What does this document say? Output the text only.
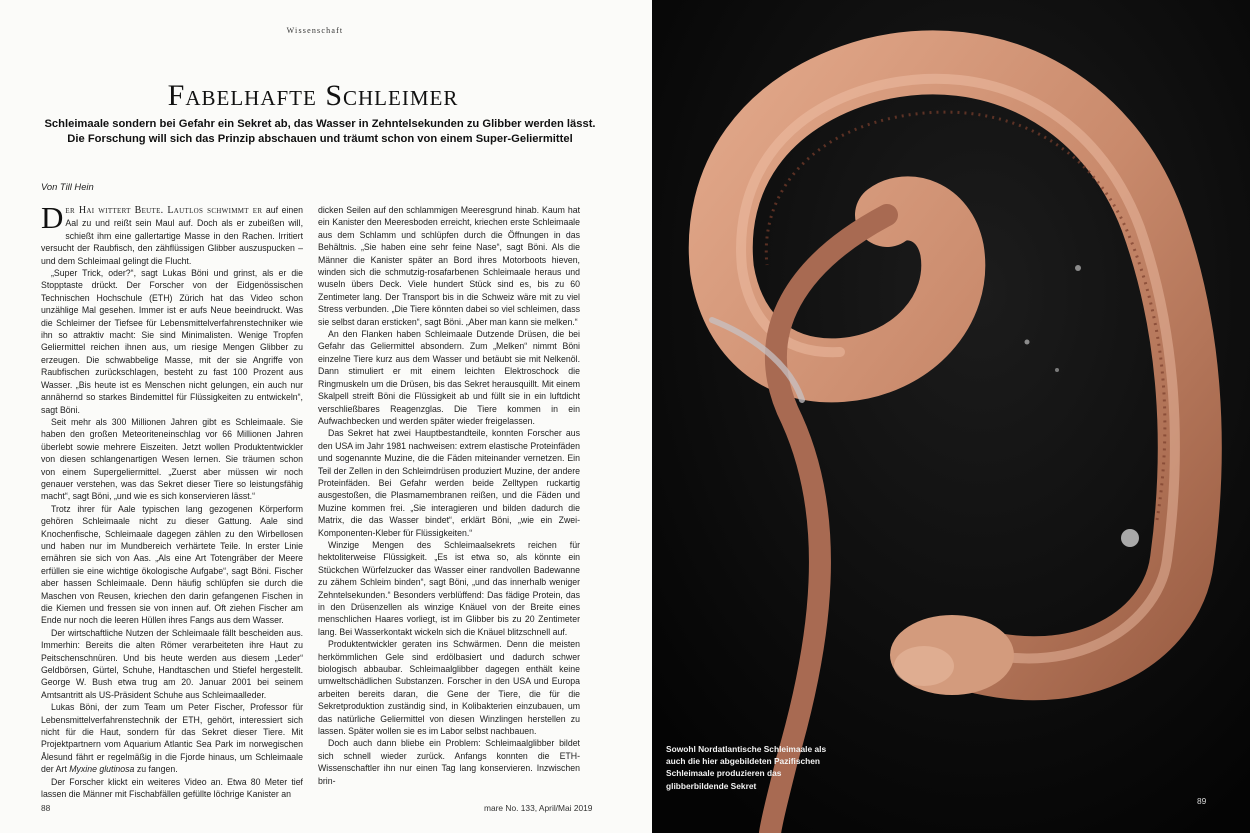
Wissenschaft
Fabelhafte Schleimer
Schleimaale sondern bei Gefahr ein Sekret ab, das Wasser in Zehntelsekunden zu Glibber werden lässt. Die Forschung will sich das Prinzip abschauen und träumt schon von einem Super-Geliermittel
Von Till Hein

Der Hai wittert Beute. Lautlos schwimmt er auf einen Aal zu und reißt sein Maul auf. Doch als er zubeißen will, schießt ihm eine gallertartige Masse in den Rachen. Irritiert versucht der Raubfisch, den zähflüssigen Glibber auszuspucken – und dem Schleimaal gelingt die Flucht.

„Super Trick, oder?“, sagt Lukas Böni und grinst, als er die Stopptaste drückt. Der Forscher von der Eidgenössischen Technischen Hochschule (ETH) Zürich hat das Video schon unzählige Mal gesehen. Immer ist er aufs Neue beeindruckt. Was die Schleimer der Tiefsee für Lebensmittelverfahrenstechniker wie ihn so attraktiv macht: Sie sind Minimalisten. Wenige Tropfen Geliermittel reichen ihnen aus, um riesige Mengen Glibber zu erzeugen. Die schwabbelige Masse, mit der sie Angriffe von Raubfischen zurückschlagen, besteht zu fast 100 Prozent aus Wasser. „Bis heute ist es Menschen nicht gelungen, ein auch nur annähernd so starkes Bindemittel für Flüssigkeiten zu entwickeln“, sagt Böni.

Seit mehr als 300 Millionen Jahren gibt es Schleimaale. Sie haben den großen Meteoriteneinschlag vor 66 Millionen Jahren überlebt sowie mehrere Eiszeiten. Jetzt wollen Produktentwickler von diesen schlangenartigen Wesen lernen. Sie träumen schon von einem Supergeliermittel. „Zuerst aber müssen wir noch genauer verstehen, was das Sekret dieser Tiere so leistungsfähig macht“, sagt Böni, „und wie es sich konservieren lässt.“

Trotz ihrer für Aale typischen lang gezogenen Körperform gehören Schleimaale nicht zu dieser Gattung. Aale sind Knochenfische, Schleimaale dagegen zählen zu den Wirbellosen und haben nur im Mundbereich verhärtete Teile. In erster Linie ernähren sie sich von Aas. „Als eine Art Totengräber der Meere erfüllen sie eine wichtige ökologische Aufgabe“, sagt Böni. Fischer aber hassen Schleimaale. Denn häufig schlüpfen sie durch die Maschen von Reusen, kriechen den darin gefangenen Fischen in die Kiemen und fressen sie von innen auf. Oft ziehen Fischer am Ende nur noch die leeren Hüllen ihres Fangs aus dem Wasser.

Der wirtschaftliche Nutzen der Schleimaale fällt bescheiden aus. Immerhin: Bereits die alten Römer verarbeiteten ihre Haut zu Peitschenschnüren. Und bis heute werden aus diesem „Leder“ Geldbörsen, Gürtel, Schuhe, Handtaschen und Stiefel hergestellt. George W. Bush etwa trug am 20. Januar 2001 bei seinem Amtsantritt als US-Präsident Schuhe aus Schleimaalleder.

Lukas Böni, der zum Team um Peter Fischer, Professor für Lebensmittelverfahrenstechnik der ETH, gehört, interessiert sich nicht für die Haut, sondern für das Sekret dieser Tiere. Mit Projektpartnern vom Aquarium Atlantic Sea Park im norwegischen Ålesund fährt er regelmäßig in die Fjorde hinaus, um Schleimaale der Art Myxine glutinosa zu fangen.

Der Forscher klickt ein weiteres Video an. Etwa 80 Meter tief lassen die Männer mit Fischabfällen gefüllte löchrige Kanister an

dicken Seilen auf den schlammigen Meeresgrund hinab. Kaum hat ein Kanister den Meeresboden erreicht, kriechen erste Schleimaale aus dem Schlamm und schlüpfen durch die Öffnungen in das Behältnis. „Sie haben eine sehr feine Nase“, sagt Böni. Als die Männer die Kanister später an Bord ihres Motorboots hieven, winden sich die schmutzig-rosafarbenen Schleimaale heraus und wuseln übers Deck. Viele hundert Stück sind es, bis zu 60 Zentimeter lang. Der Transport bis in die Schweiz wäre mit zu viel Stress verbunden. „Die Tiere könnten dabei so viel schleimen, dass sie selbst daran ersticken“, sagt Böni. „Aber man kann sie melken.“

An den Flanken haben Schleimaale Dutzende Drüsen, die bei Gefahr das Geliermittel absondern. Zum „Melken“ nimmt Böni einzelne Tiere kurz aus dem Wasser und betäubt sie mit Nelkenöl. Dann stimuliert er mit einem leichten Elektroschock die Ringmuskeln um die Drüsen, bis das Sekret herausquillt. Mit einem Skalpell streift Böni die Flüssigkeit ab und füllt sie in ein luftdicht verschließbares Reagenzglas. Die Tiere kommen in ein Aufwachbecken und werden später wieder freigelassen.

Das Sekret hat zwei Hauptbestandteile, konnten Forscher aus den USA im Jahr 1981 nachweisen: extrem elastische Proteinfäden und sogenannte Muzine, die die Fäden miteinander vernetzen. Ein Teil der Zellen in den Schleimdrüsen produziert Muzine, der andere Proteinfäden. Bei Gefahr werden beide Zelltypen ruckartig ausgestoßen, die Plasmamembranen reißen, und die Fäden und Muzine kommen frei. „Sie interagieren und bilden dadurch die Matrix, die das Wasser bindet“, erklärt Böni, „wie ein Zwei-Komponenten-Kleber für Flüssigkeiten.“

Winzige Mengen des Schleimaalsekrets reichen für hektoliterweise Flüssigkeit. „Es ist etwa so, als könnte ein Stückchen Würfelzucker das Wasser einer randvollen Badewanne zu zähem Schleim binden“, sagt Böni, „und das innerhalb weniger Zehntelsekunden.“ Besonders verblüffend: Das fädige Protein, das in den Drüsenzellen als winzige Knäuel von der Breite eines menschlichen Haares vorliegt, ist im Glibber bis zu 20 Zentimeter lang. Bei Wasserkontakt wickeln sich die Knäuel blitzschnell auf.

Produktentwickler geraten ins Schwärmen. Denn die meisten herkömmlichen Gele sind erdölbasiert und dadurch schwer biologisch abbaubar. Schleimaalglibber dagegen enthält keine umweltschädlichen Substanzen. Forscher in den USA und Europa arbeiten bereits daran, die Gene der Tiere, die für die Sekretproduktion zuständig sind, in Kolibakterien einzubauen, um das natürliche Geliermittel von diesen Winzlingen herstellen zu lassen. Später wollen sie es im Labor selbst nachbauen.

Doch auch dann bliebe ein Problem: Schleimaalglibber bildet sich schnell wieder zurück. Anfangs konnten die ETH-Wissenschaftler ihn nur einen Tag lang konservieren. Inzwischen brin-

88	mare No. 133, April/Mai 2019
Sowohl Nordatlantische Schleimaale als auch die hier abgebildeten Pazifischen Schleimaale produzieren das glibberbildende Sekret
89
